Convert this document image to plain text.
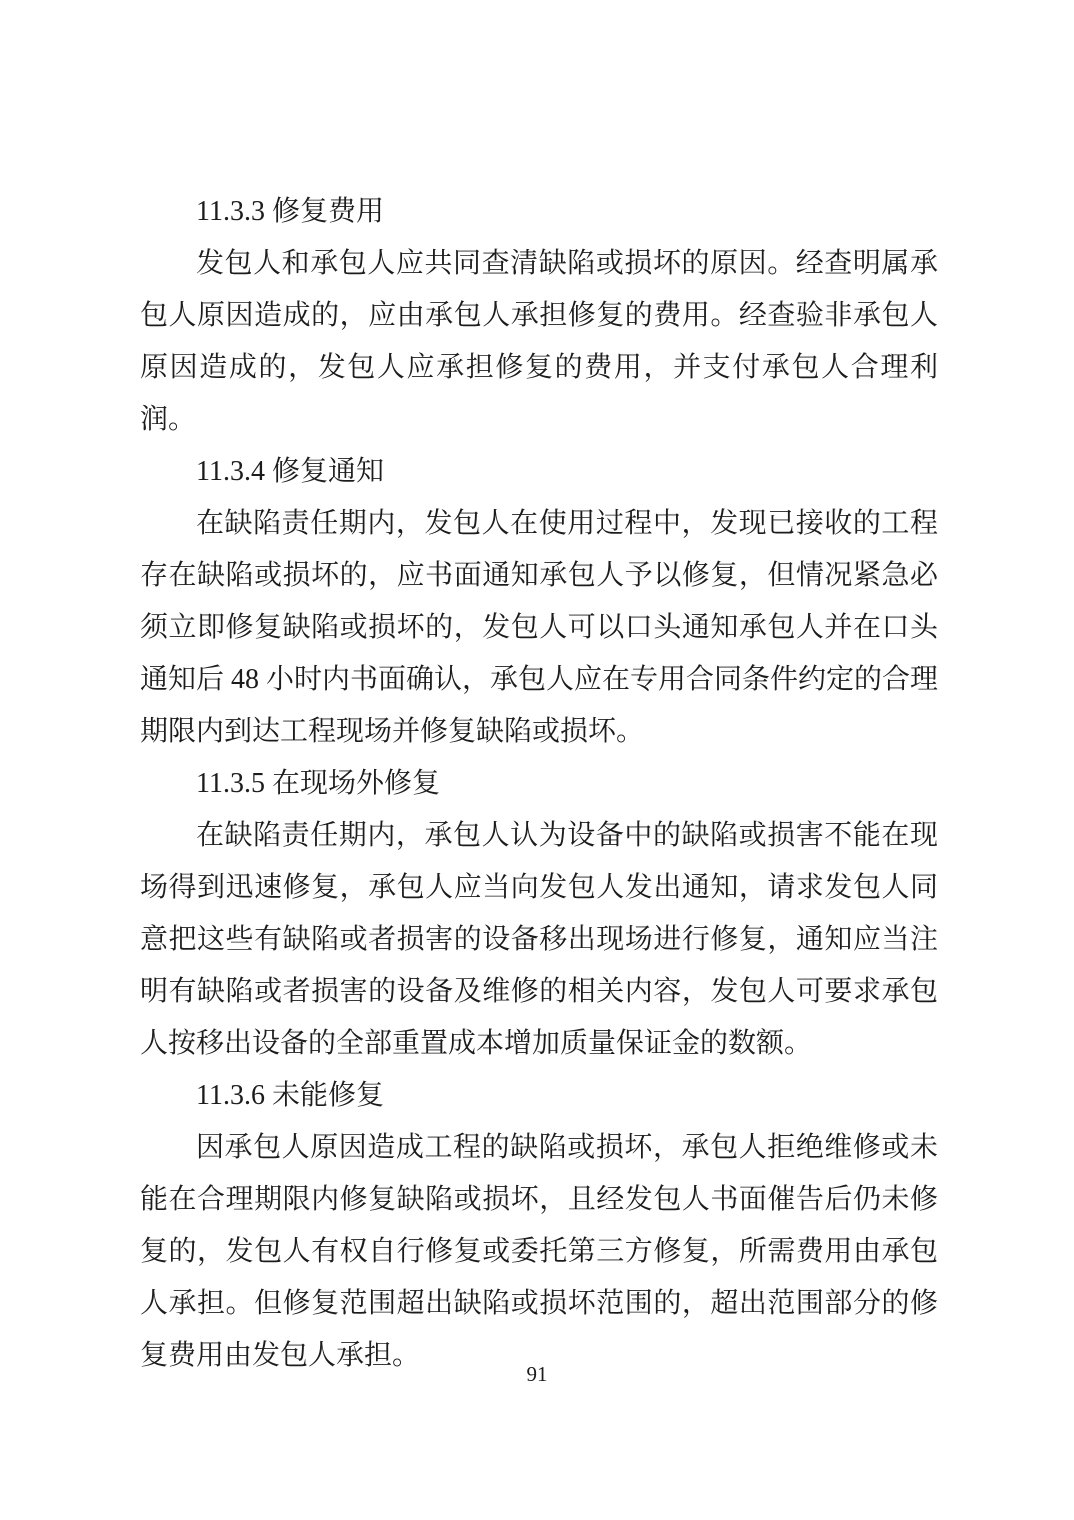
11.3.3 修复费用

发包人和承包人应共同查清缺陷或损坏的原因。经查明属承包人原因造成的，应由承包人承担修复的费用。经查验非承包人原因造成的，发包人应承担修复的费用，并支付承包人合理利润。

11.3.4 修复通知

在缺陷责任期内，发包人在使用过程中，发现已接收的工程存在缺陷或损坏的，应书面通知承包人予以修复，但情况紧急必须立即修复缺陷或损坏的，发包人可以口头通知承包人并在口头通知后 48 小时内书面确认，承包人应在专用合同条件约定的合理期限内到达工程现场并修复缺陷或损坏。

11.3.5 在现场外修复

在缺陷责任期内，承包人认为设备中的缺陷或损害不能在现场得到迅速修复，承包人应当向发包人发出通知，请求发包人同意把这些有缺陷或者损害的设备移出现场进行修复，通知应当注明有缺陷或者损害的设备及维修的相关内容，发包人可要求承包人按移出设备的全部重置成本增加质量保证金的数额。

11.3.6 未能修复

因承包人原因造成工程的缺陷或损坏，承包人拒绝维修或未能在合理期限内修复缺陷或损坏，且经发包人书面催告后仍未修复的，发包人有权自行修复或委托第三方修复，所需费用由承包人承担。但修复范围超出缺陷或损坏范围的，超出范围部分的修复费用由发包人承担。

91
